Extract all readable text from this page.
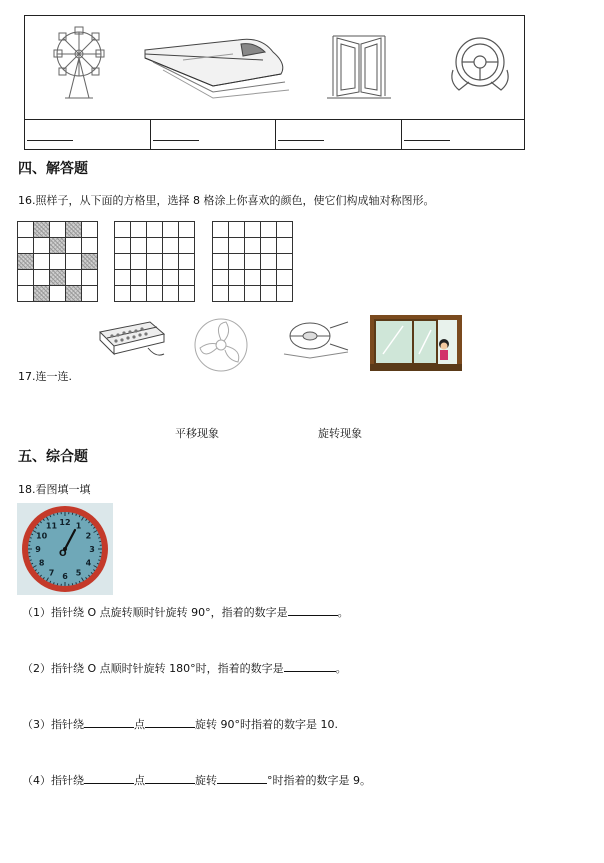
四、解答题
16.照样子，从下面的方格里，选择 8 格涂上你喜欢的颜色，使它们构成轴对称图形。
17.连一连.
平移现象	旋转现象
五、综合题
18.看图填一填
12 1
2
3
4
5
6
7
8
9
10
11
O
（1）指针绕 O 点旋转顺时针旋转 90°，指着的数字是	。
（2）指针绕 O 点顺时针旋转 180°时，指着的数字是	。
（3）指针绕	点	旋转 90°时指着的数字是 10.
（4）指针绕	点	旋转	°时指着的数字是 9。
